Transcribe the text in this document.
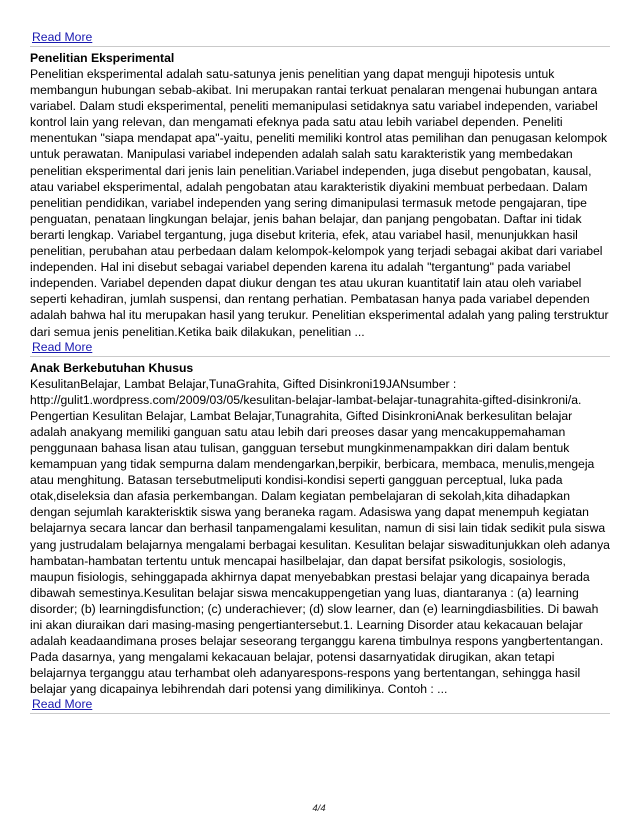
Read More
Penelitian Eksperimental
Penelitian eksperimental adalah satu-satunya jenis penelitian yang dapat menguji hipotesis untuk membangun hubungan sebab-akibat. Ini merupakan rantai terkuat penalaran mengenai hubungan antara variabel. Dalam studi eksperimental, peneliti memanipulasi setidaknya satu variabel independen, variabel kontrol lain yang relevan, dan mengamati efeknya pada satu atau lebih variabel dependen. Peneliti menentukan "siapa mendapat apa"-yaitu, peneliti memiliki kontrol atas pemilihan dan penugasan kelompok untuk perawatan. Manipulasi variabel independen adalah salah satu karakteristik yang membedakan penelitian eksperimental dari jenis lain penelitian.Variabel independen, juga disebut pengobatan, kausal, atau variabel eksperimental, adalah pengobatan atau karakteristik diyakini membuat perbedaan. Dalam penelitian pendidikan, variabel independen yang sering dimanipulasi termasuk metode pengajaran, tipe penguatan, penataan lingkungan belajar, jenis bahan belajar, dan panjang pengobatan. Daftar ini tidak berarti lengkap. Variabel tergantung, juga disebut kriteria, efek, atau variabel hasil, menunjukkan hasil penelitian, perubahan atau perbedaan dalam kelompok-kelompok yang terjadi sebagai akibat dari variabel independen. Hal ini disebut sebagai variabel dependen karena itu adalah "tergantung" pada variabel independen. Variabel dependen dapat diukur dengan tes atau ukuran kuantitatif lain atau oleh variabel seperti kehadiran, jumlah suspensi, dan rentang perhatian. Pembatasan hanya pada variabel dependen adalah bahwa hal itu merupakan hasil yang terukur. Penelitian eksperimental adalah yang paling terstruktur dari semua jenis penelitian.Ketika baik dilakukan, penelitian ...
Read More
Anak Berkebutuhan Khusus
KesulitanBelajar, Lambat Belajar,TunaGrahita, Gifted Disinkroni19JANsumber : http://gulit1.wordpress.com/2009/03/05/kesulitan-belajar-lambat-belajar-tunagrahita-gifted-disinkroni/a. Pengertian Kesulitan Belajar, Lambat Belajar,Tunagrahita, Gifted DisinkroniAnak berkesulitan belajar adalah anakyang memiliki ganguan satu atau lebih dari preoses dasar yang mencakuppemahaman penggunaan bahasa lisan atau tulisan, gangguan tersebut mungkinmenampakkan diri dalam bentuk kemampuan yang tidak sempurna dalam mendengarkan,berpikir, berbicara, membaca, menulis,mengeja atau menghitung. Batasan tersebutmeliputi kondisi-kondisi seperti gangguan perceptual, luka pada otak,diseleksia dan afasia perkembangan. Dalam kegiatan pembelajaran di sekolah,kita dihadapkan dengan sejumlah karakterisktik siswa yang beraneka ragam. Adasiswa yang dapat menempuh kegiatan belajarnya secara lancar dan berhasil tanpamengalami kesulitan, namun di sisi lain tidak sedikit pula siswa yang justrudalam belajarnya mengalami berbagai kesulitan. Kesulitan belajar siswaditunjukkan oleh adanya hambatan-hambatan tertentu untuk mencapai hasilbelajar, dan dapat bersifat psikologis, sosiologis, maupun fisiologis, sehinggapada akhirnya dapat menyebabkan prestasi belajar yang dicapainya berada dibawah semestinya.Kesulitan belajar siswa mencakuppengetian yang luas, diantaranya : (a) learning disorder; (b) learningdisfunction; (c) underachiever; (d) slow learner, dan (e) learningdiasbilities. Di bawah ini akan diuraikan dari masing-masing pengertiantersebut.1. Learning Disorder atau kekacauan belajar adalah keadaandimana proses belajar seseorang terganggu karena timbulnya respons yangbertentangan. Pada dasarnya, yang mengalami kekacauan belajar, potensi dasarnyatidak dirugikan, akan tetapi belajarnya terganggu atau terhambat oleh adanyarespons-respons yang bertentangan, sehingga hasil belajar yang dicapainya lebihrendah dari potensi yang dimilikinya. Contoh : ...
Read More
4/4
